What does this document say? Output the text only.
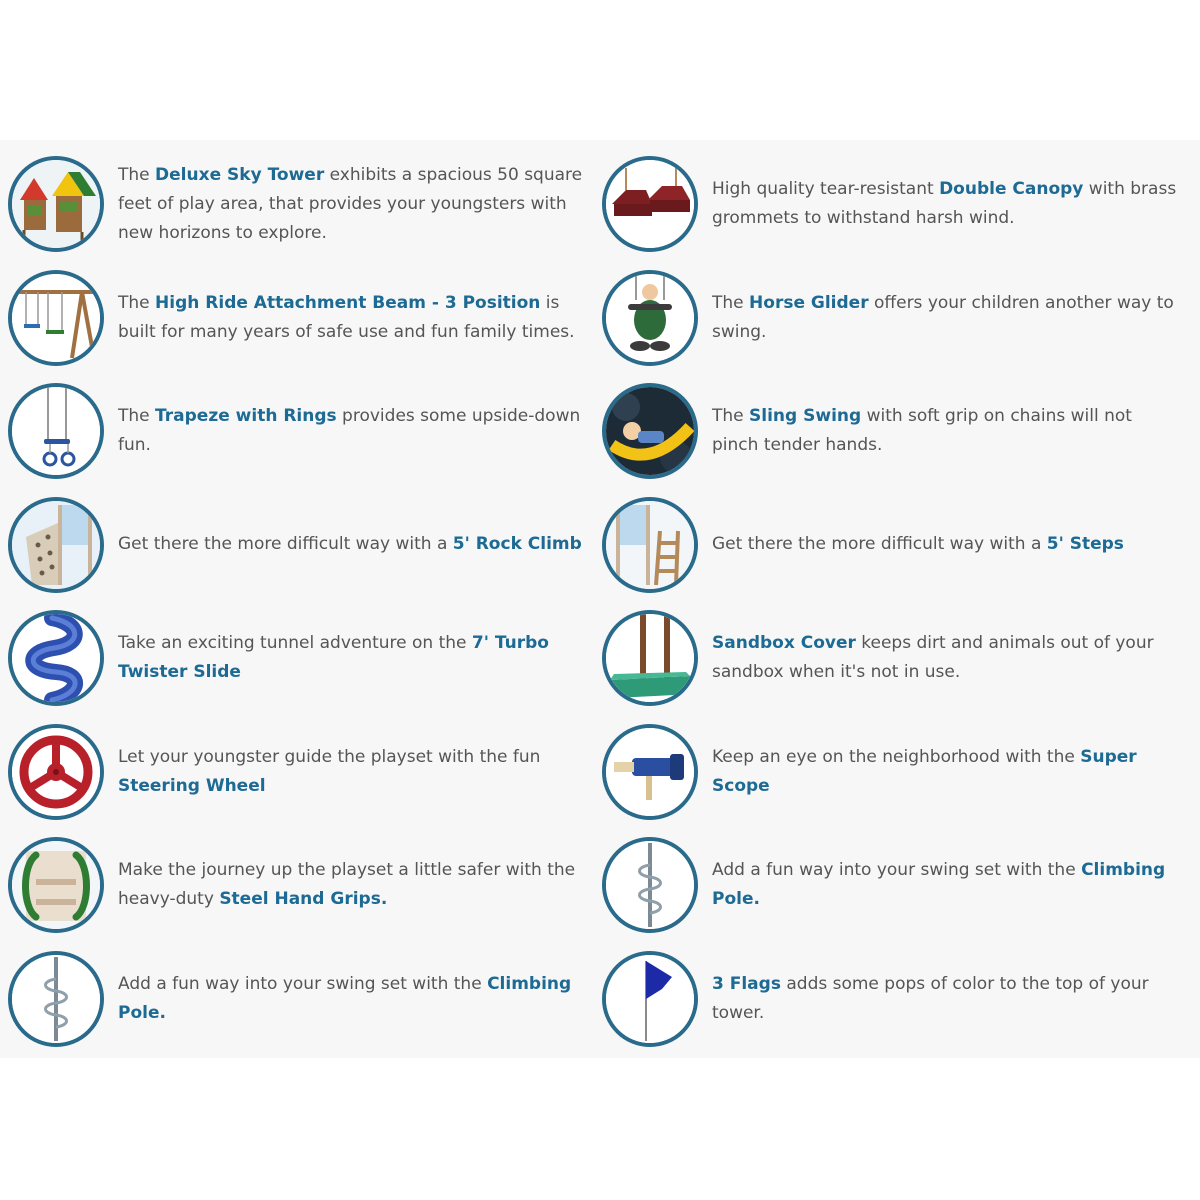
The Deluxe Sky Tower exhibits a spacious 50 square feet of play area, that provides your youngsters with new horizons to explore.

The High Ride Attachment Beam - 3 Position is built for many years of safe use and fun family times.

The Trapeze with Rings provides some upside-down fun.

Get there the more difficult way with a 5' Rock Climb

Take an exciting tunnel adventure on the 7' Turbo Twister Slide

Let your youngster guide the playset with the fun Steering Wheel

Make the journey up the playset a little safer with the heavy-duty Steel Hand Grips.

Add a fun way into your swing set with the Climbing Pole.

High quality tear-resistant Double Canopy with brass grommets to withstand harsh wind.

The Horse Glider offers your children another way to swing.

The Sling Swing with soft grip on chains will not pinch tender hands.

Get there the more difficult way with a 5' Steps

Sandbox Cover keeps dirt and animals out of your sandbox when it's not in use.

Keep an eye on the neighborhood with the Super Scope

Add a fun way into your swing set with the Climbing Pole.

3 Flags adds some pops of color to the top of your tower.
